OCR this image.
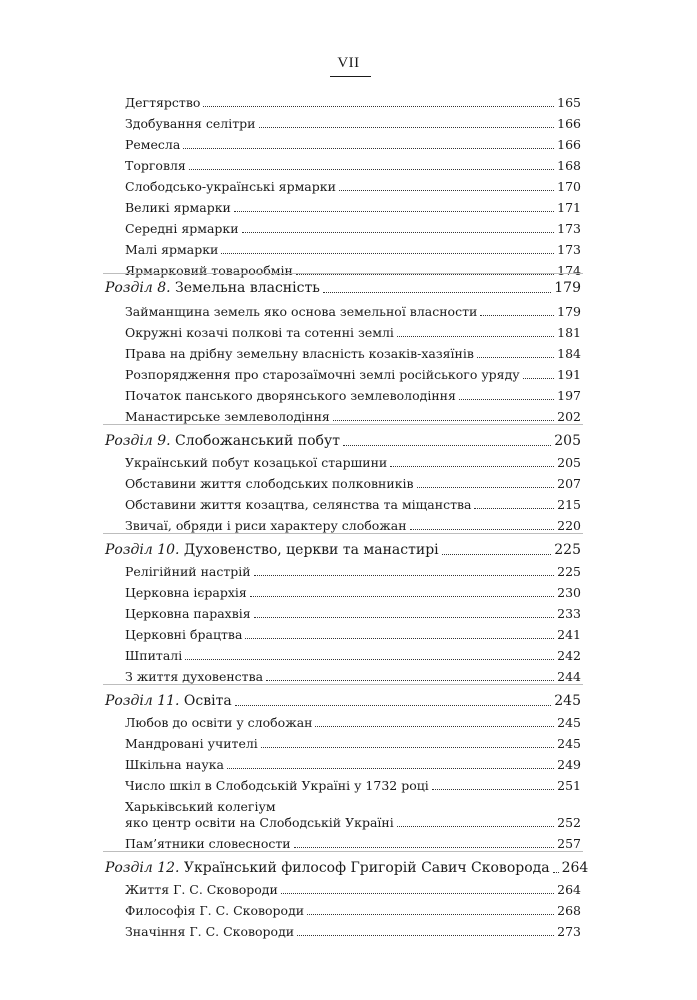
VII
Дегтярство	165
Здобування селітри	166
Ремесла	166
Торговля	168
Слободсько-українські ярмарки	170
Великі ярмарки	171
Середні ярмарки	173
Малі ярмарки	173
Ярмарковий товарообмін	174
Розділ 8. Земельна власність	179
Займанщина земель яко основа земельної власности	179
Окружні козачі полкові та сотенні землі	181
Права на дрібну земельну власність козаків-хазяїнів	184
Розпорядження про старозаїмочні землі російського уряду	191
Початок панського дворянського землеволодіння	197
Манастирське землеволодіння	202
Розділ 9. Слобожанський побут	205
Український побут козацької старшини	205
Обставини життя слободських полковників	207
Обставини життя козацтва, селянства та міщанства	215
Звичаї, обряди і риси характеру слобожан	220
Розділ 10. Духовенство, церкви та манастирі	225
Релігійний настрій	225
Церковна ієрархія	230
Церковна парахвія	233
Церковні брацтва	241
Шпиталі	242
З життя духовенства	244
Розділ 11. Освіта	245
Любов до освіти у слобожан	245
Мандровані учителі	245
Шкільна наука	249
Число шкіл в Слободській Україні у 1732 році	251
Харьківський колегіум
яко центр освіти на Слободській Україні	252
Пам’ятники словесности	257
Розділ 12. Український философ Григорій Савич Сковорода 264
Життя Г. С. Сковороди	264
Философія Г. С. Сковороди	268
Значіння Г. С. Сковороди	273
